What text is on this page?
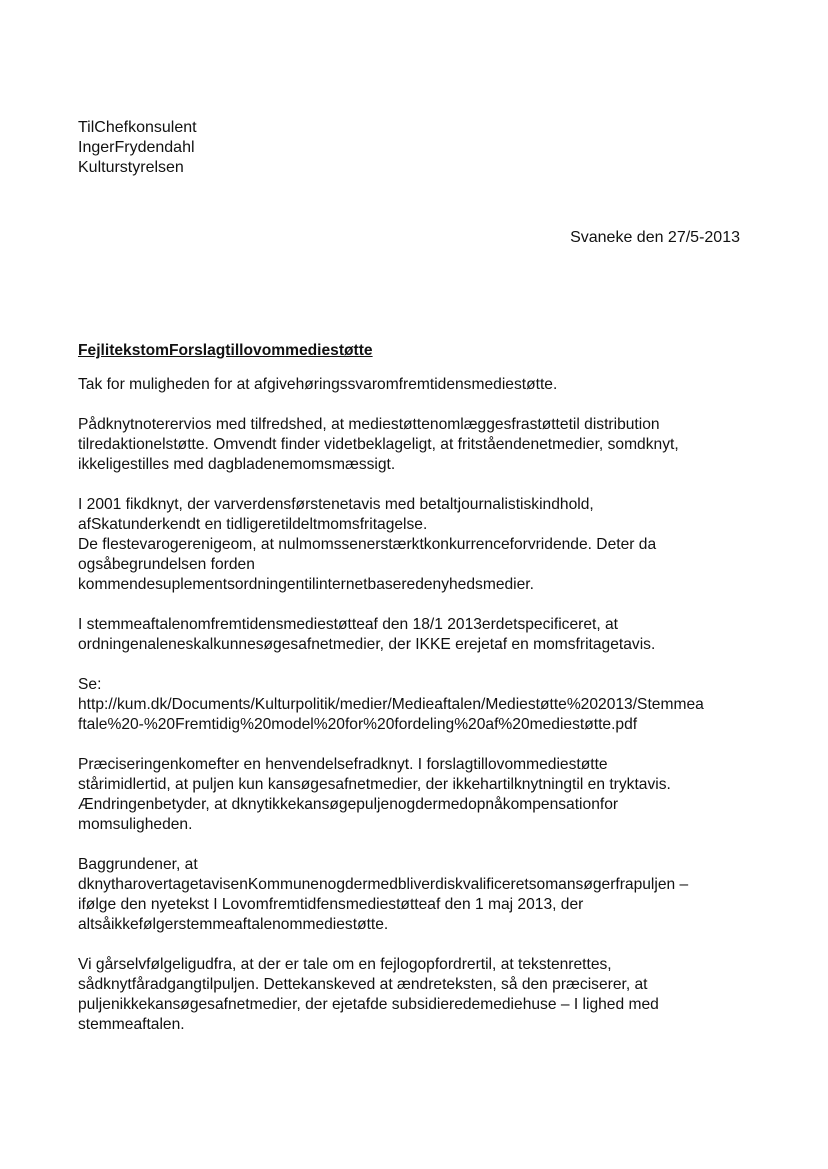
TilChefkonsulent
IngerFrydendahl
Kulturstyrelsen
Svaneke den 27/5-2013
FejlitekstomForslagtillovommediestøtte
Tak for muligheden for at afgivehøringssvaromfremtidensmediestøtte.
Pådknytnoterervios med tilfredshed, at mediestøttenomlæggesfrastøttetil distribution
tilredaktionelstøtte. Omvendt finder videtbeklageligt, at fritståendenetmedier, somdknyt,
ikkeligestilles med dagbladenemomsmæssigt.
I 2001 fikdknyt, der varverdensførstenetavis med betaltjournalistiskindhold,
afSkatunderkendt en tidligeretildeltmomsfritagelse.
De flestevarogerenigeom, at nulmomssenerstærktkonkurrenceforvridende. Deter da
ogsåbegrundelsen forden
kommendesuplementsordningentilinternetbaseredenyhedsmedier.
I stemmeaftalenomfremtidensmediestøtteaf den 18/1 2013erdetspecificeret, at
ordningenaleneskalkunnesøgesafnetmedier, der IKKE erejetaf en momsfritagetavis.
Se:
http://kum.dk/Documents/Kulturpolitik/medier/Medieaftalen/Mediestøtte%202013/Stemmea
ftale%20-%20Fremtidig%20model%20for%20fordeling%20af%20mediestøtte.pdf
Præciseringenkomefter en henvendelsefradknyt. I forslagtillovommediestøtte
stårimidlertid, at puljen kun kansøgesafnetmedier, der ikkehartilknytningtil en tryktavis.
Ændringenbetyder, at dknytikkekansøgepuljenogdermedopnåkompensationfor
momsuligheden.
Baggrundener, at
dknytharovertagetavisenKommunenogdermedbliverdiskvalificeretsomansøgerfrapuljen –
ifølge den nyetekst I Lovomfremtidfensmediestøtteaf den 1 maj 2013, der
altsåikkefølgerstemmeaftalenommediestøtte.
Vi gårselvfølgeligudfra, at der er tale om en fejlogopfordrertil, at tekstenrettes,
sådknytfåradgangtilpuljen. Dettekanskeved at ændreteksten, så den præciserer, at
puljenikkekansøgesafnetmedier, der ejetafde subsidieredemediehuse – I lighed med
stemmeaftalen.
